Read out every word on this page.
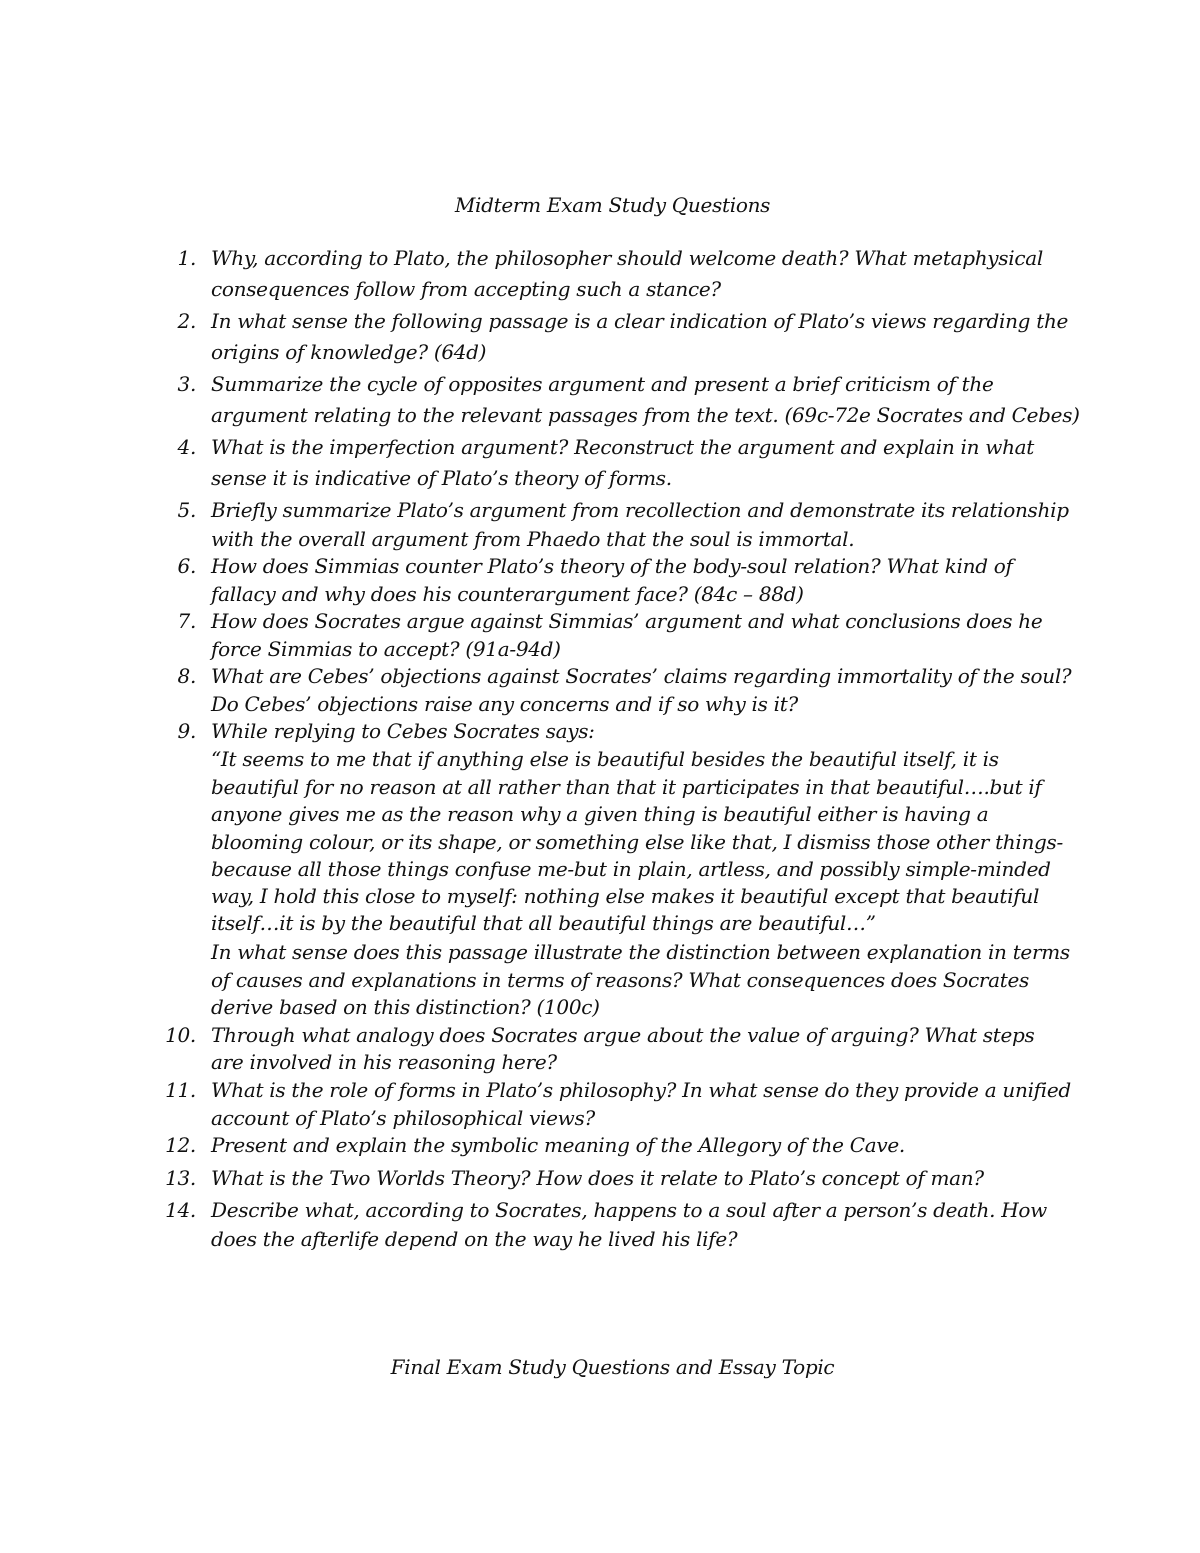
Midterm Exam Study Questions
1. Why, according to Plato, the philosopher should welcome death? What metaphysical
consequences follow from accepting such a stance?
2. In what sense the following passage is a clear indication of Plato’s views regarding the
origins of knowledge? (64d)
3. Summarize the cycle of opposites argument and present a brief criticism of the
argument relating to the relevant passages from the text. (69c-72e Socrates and Cebes)
4. What is the imperfection argument? Reconstruct the argument and explain in what
sense it is indicative of Plato’s theory of forms.
5. Briefly summarize Plato’s argument from recollection and demonstrate its relationship
with the overall argument from Phaedo that the soul is immortal.
6. How does Simmias counter Plato’s theory of the body-soul relation? What kind of
fallacy and why does his counterargument face? (84c – 88d)
7. How does Socrates argue against Simmias’ argument and what conclusions does he
force Simmias to accept? (91a-94d)
8. What are Cebes’ objections against Socrates’ claims regarding immortality of the soul?
Do Cebes’ objections raise any concerns and if so why is it?
9. While replying to Cebes Socrates says:
“It seems to me that if anything else is beautiful besides the beautiful itself, it is
beautiful for no reason at all rather than that it participates in that beautiful….but if
anyone gives me as the reason why a given thing is beautiful either is having a
blooming colour, or its shape, or something else like that, I dismiss those other things-
because all those things confuse me-but in plain, artless, and possibly simple-minded
way, I hold this close to myself: nothing else makes it beautiful except that beautiful
itself…it is by the beautiful that all beautiful things are beautiful…”
In what sense does this passage illustrate the distinction between explanation in terms
of causes and explanations in terms of reasons? What consequences does Socrates
derive based on this distinction? (100c)
10. Through what analogy does Socrates argue about the value of arguing? What steps
are involved in his reasoning here?
11. What is the role of forms in Plato’s philosophy? In what sense do they provide a unified
account of Plato’s philosophical views?
12. Present and explain the symbolic meaning of the Allegory of the Cave.
13. What is the Two Worlds Theory? How does it relate to Plato’s concept of man?
14. Describe what, according to Socrates, happens to a soul after a person’s death. How
does the afterlife depend on the way he lived his life?
Final Exam Study Questions and Essay Topic
